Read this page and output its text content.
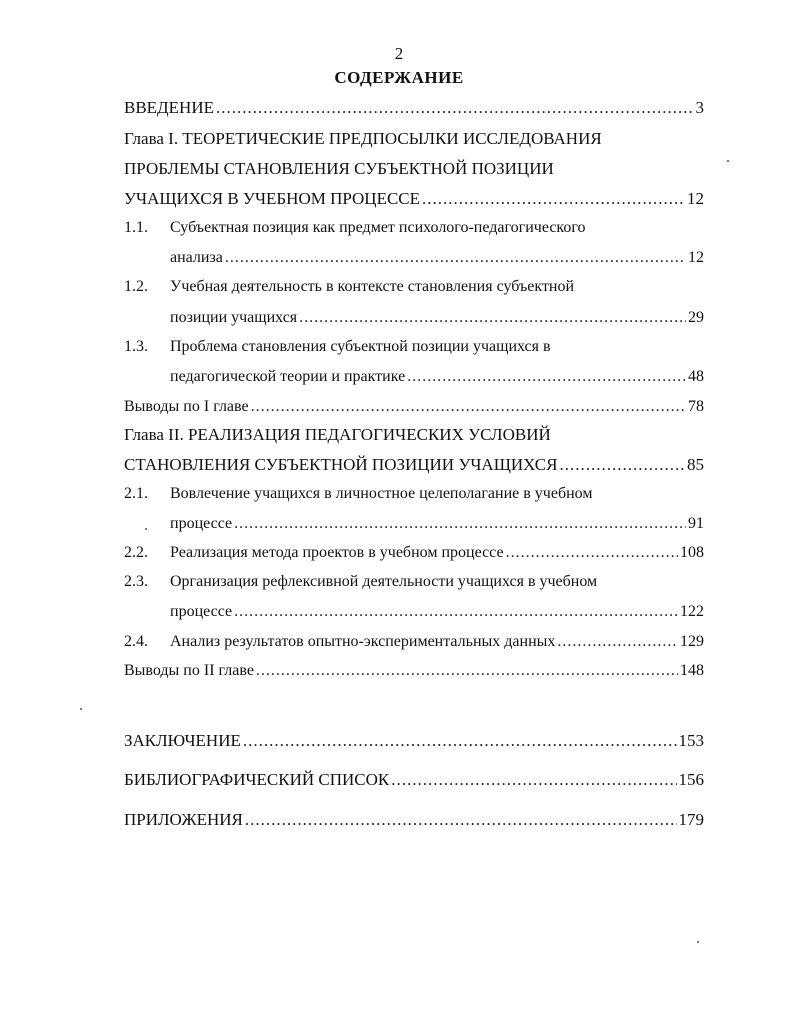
2
СОДЕРЖАНИЕ
ВВЕДЕНИЕ .....	3
Глава I. ТЕОРЕТИЧЕСКИЕ ПРЕДПОСЫЛКИ ИССЛЕДОВАНИЯ
ПРОБЛЕМЫ СТАНОВЛЕНИЯ СУБЪЕКТНОЙ ПОЗИЦИИ
УЧАЩИХСЯ В УЧЕБНОМ ПРОЦЕССЕ .....	12
1.1.	Субъектная позиция как предмет психолого-педагогического
анализа .....	12
1.2.	Учебная деятельность в контексте становления субъектной
позиции учащихся .....	29
1.3.	Проблема становления субъектной позиции учащихся в
педагогической теории и практике .....	48
Выводы по I главе .....	78
Глава II. РЕАЛИЗАЦИЯ ПЕДАГОГИЧЕСКИХ УСЛОВИЙ
СТАНОВЛЕНИЯ СУБЪЕКТНОЙ ПОЗИЦИИ УЧАЩИХСЯ .....	85
2.1.	Вовлечение учащихся в личностное целеполагание в учебном
процессе .....	91
2.2.	Реализация метода проектов в учебном процессе .....	108
2.3.	Организация рефлексивной деятельности учащихся в учебном
процессе .....	122
2.4.	Анализ результатов опытно-экспериментальных данных .....	129
Выводы по II главе .....	148
ЗАКЛЮЧЕНИЕ .....	153
БИБЛИОГРАФИЧЕСКИЙ СПИСОК .....	156
ПРИЛОЖЕНИЯ .....	179
